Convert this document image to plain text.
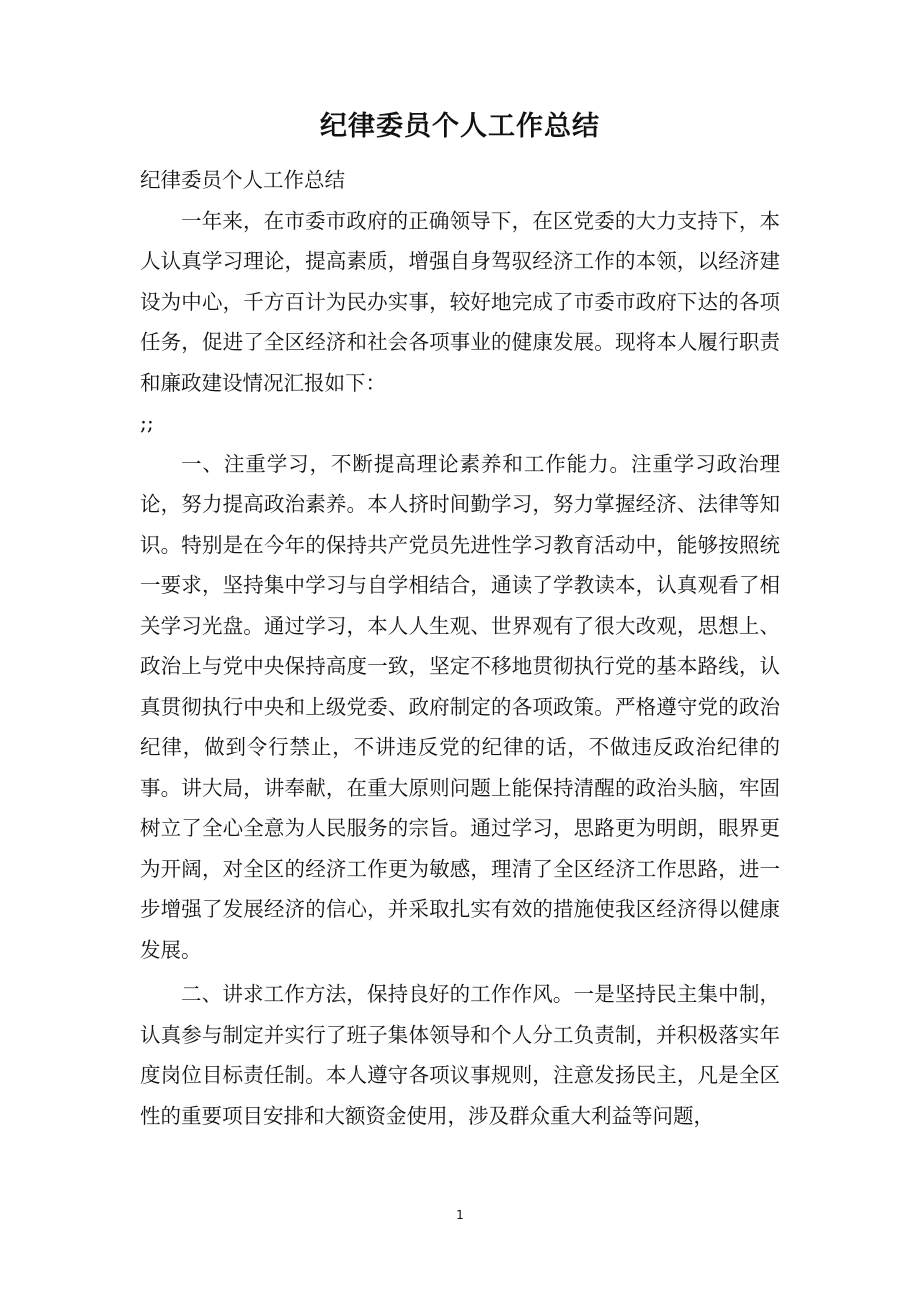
纪律委员个人工作总结

纪律委员个人工作总结

一年来，在市委市政府的正确领导下，在区党委的大力支持下，本人认真学习理论，提高素质，增强自身驾驭经济工作的本领，以经济建设为中心，千方百计为民办实事，较好地完成了市委市政府下达的各项任务，促进了全区经济和社会各项事业的健康发展。现将本人履行职责和廉政建设情况汇报如下：

;;

一、注重学习，不断提高理论素养和工作能力。注重学习政治理论，努力提高政治素养。本人挤时间勤学习，努力掌握经济、法律等知识。特别是在今年的保持共产党员先进性学习教育活动中，能够按照统一要求，坚持集中学习与自学相结合，通读了学教读本，认真观看了相关学习光盘。通过学习，本人人生观、世界观有了很大改观，思想上、政治上与党中央保持高度一致，坚定不移地贯彻执行党的基本路线，认真贯彻执行中央和上级党委、政府制定的各项政策。严格遵守党的政治纪律，做到令行禁止，不讲违反党的纪律的话，不做违反政治纪律的事。讲大局，讲奉献，在重大原则问题上能保持清醒的政治头脑，牢固树立了全心全意为人民服务的宗旨。通过学习，思路更为明朗，眼界更为开阔，对全区的经济工作更为敏感，理清了全区经济工作思路，进一步增强了发展经济的信心，并采取扎实有效的措施使我区经济得以健康发展。

二、讲求工作方法，保持良好的工作作风。一是坚持民主集中制，认真参与制定并实行了班子集体领导和个人分工负责制，并积极落实年度岗位目标责任制。本人遵守各项议事规则，注意发扬民主，凡是全区性的重要项目安排和大额资金使用，涉及群众重大利益等问题，

1
